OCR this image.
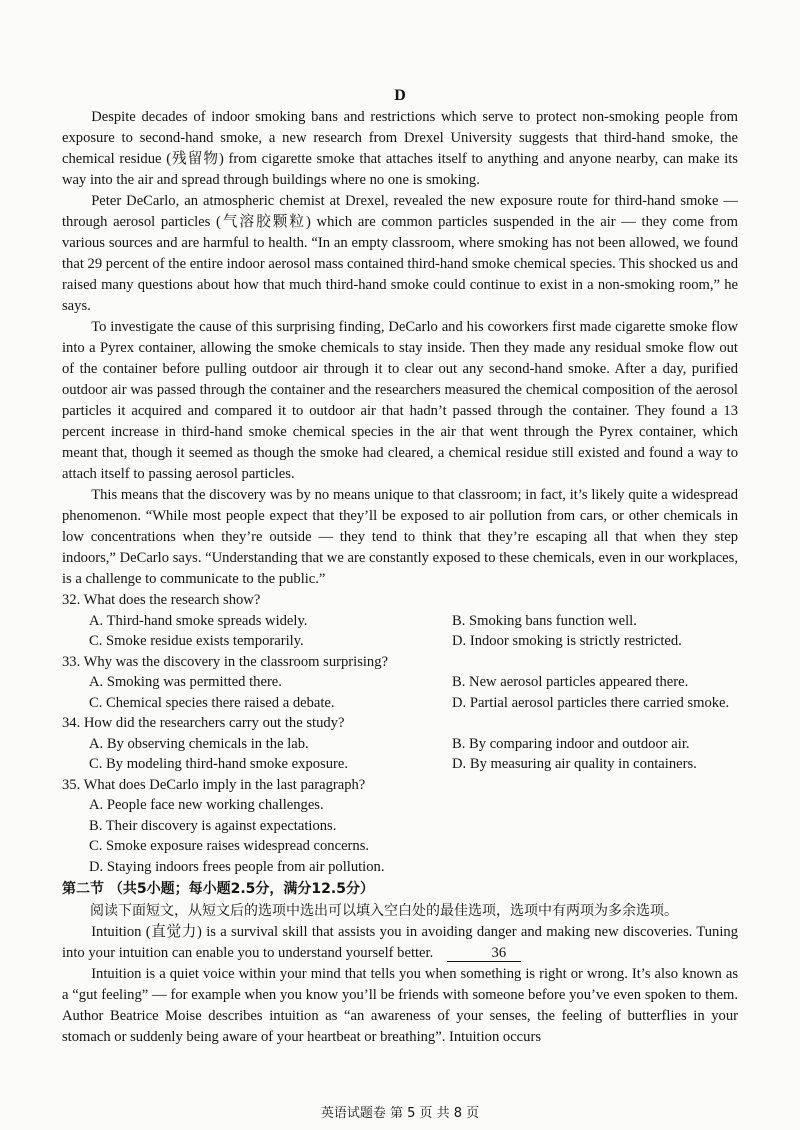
D

Despite decades of indoor smoking bans and restrictions which serve to protect non-smoking people from exposure to second-hand smoke, a new research from Drexel University suggests that third-hand smoke, the chemical residue (残留物) from cigarette smoke that attaches itself to anything and anyone nearby, can make its way into the air and spread through buildings where no one is smoking.

Peter DeCarlo, an atmospheric chemist at Drexel, revealed the new exposure route for third-hand smoke — through aerosol particles (气溶胶颗粒) which are common particles suspended in the air — they come from various sources and are harmful to health. “In an empty classroom, where smoking has not been allowed, we found that 29 percent of the entire indoor aerosol mass contained third-hand smoke chemical species. This shocked us and raised many questions about how that much third-hand smoke could continue to exist in a non-smoking room,” he says.

To investigate the cause of this surprising finding, DeCarlo and his coworkers first made cigarette smoke flow into a Pyrex container, allowing the smoke chemicals to stay inside. Then they made any residual smoke flow out of the container before pulling outdoor air through it to clear out any second-hand smoke. After a day, purified outdoor air was passed through the container and the researchers measured the chemical composition of the aerosol particles it acquired and compared it to outdoor air that hadn’t passed through the container. They found a 13 percent increase in third-hand smoke chemical species in the air that went through the Pyrex container, which meant that, though it seemed as though the smoke had cleared, a chemical residue still existed and found a way to attach itself to passing aerosol particles.

This means that the discovery was by no means unique to that classroom; in fact, it’s likely quite a widespread phenomenon. “While most people expect that they’ll be exposed to air pollution from cars, or other chemicals in low concentrations when they’re outside — they tend to think that they’re escaping all that when they step indoors,” DeCarlo says. “Understanding that we are constantly exposed to these chemicals, even in our workplaces, is a challenge to communicate to the public.”

32. What does the research show?
A. Third-hand smoke spreads widely.	B. Smoking bans function well.
C. Smoke residue exists temporarily.	D. Indoor smoking is strictly restricted.
33. Why was the discovery in the classroom surprising?
A. Smoking was permitted there.	B. New aerosol particles appeared there.
C. Chemical species there raised a debate.	D. Partial aerosol particles there carried smoke.
34. How did the researchers carry out the study?
A. By observing chemicals in the lab.	B. By comparing indoor and outdoor air.
C. By modeling third-hand smoke exposure.	D. By measuring air quality in containers.
35. What does DeCarlo imply in the last paragraph?
A. People face new working challenges.
B. Their discovery is against expectations.
C. Smoke exposure raises widespread concerns.
D. Staying indoors frees people from air pollution.
第二节 （共5小题；每小题2.5分，满分12.5分）
阅读下面短文，从短文后的选项中选出可以填入空白处的最佳选项，选项中有两项为多余选项。

Intuition (直觉力) is a survival skill that assists you in avoiding danger and making new discoveries. Tuning into your intuition can enable you to understand yourself better.	36

Intuition is a quiet voice within your mind that tells you when something is right or wrong. It’s also known as a “gut feeling” — for example when you know you’ll be friends with someone before you’ve even spoken to them. Author Beatrice Moise describes intuition as “an awareness of your senses, the feeling of butterflies in your stomach or suddenly being aware of your heartbeat or breathing”. Intuition occurs

英语试题卷 第 5 页 共 8 页
